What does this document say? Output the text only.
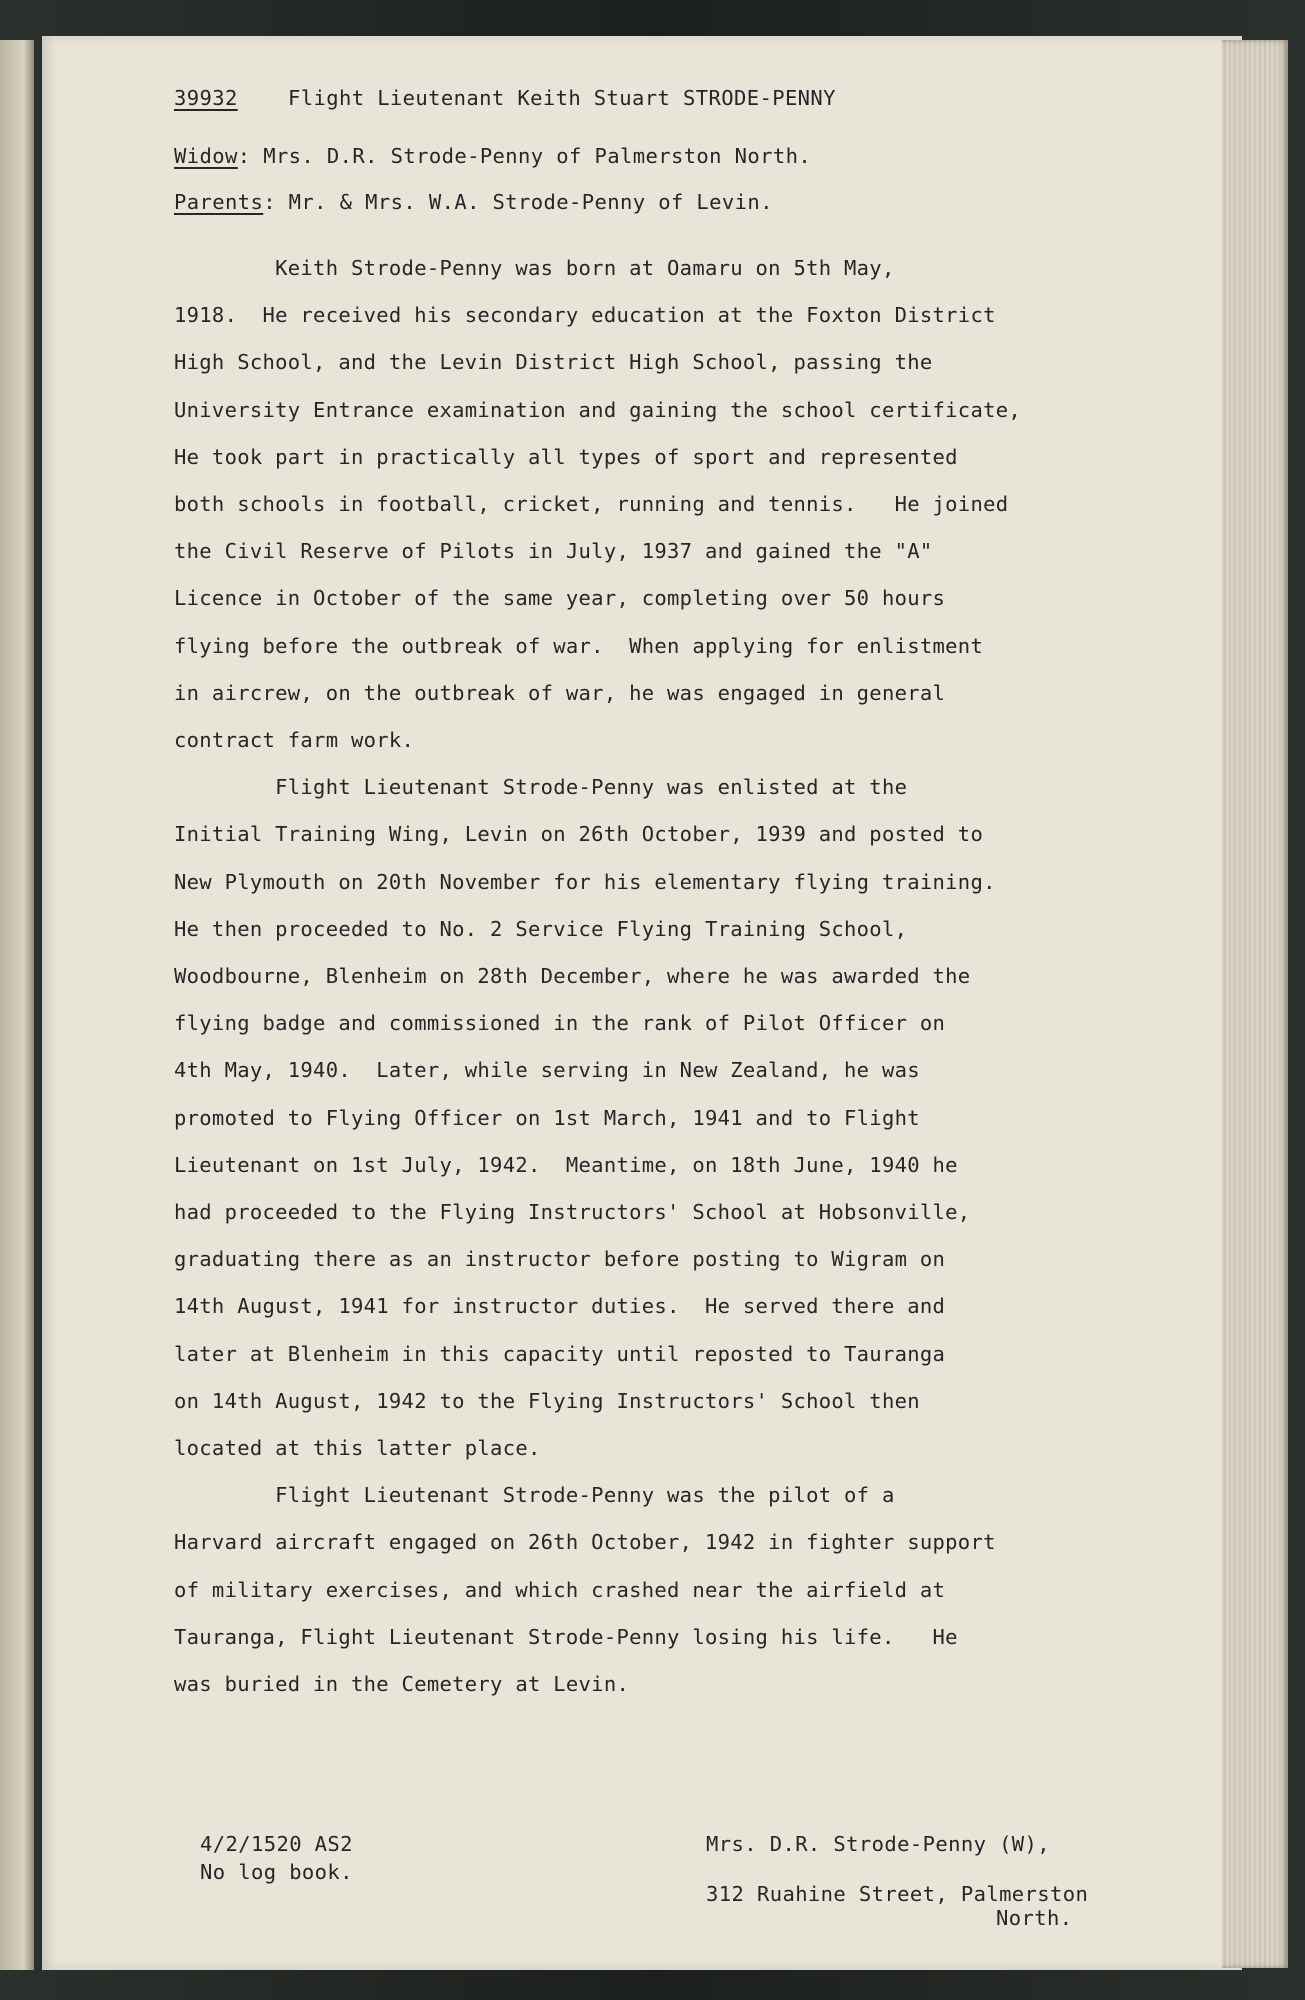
39932 Flight Lieutenant Keith Stuart STRODE-PENNY
Widow: Mrs. D.R. Strode-Penny of Palmerston North.
Parents: Mr. & Mrs. W.A. Strode-Penny of Levin.
Keith Strode-Penny was born at Oamaru on 5th May,
1918.  He received his secondary education at the Foxton District
High School, and the Levin District High School, passing the
University Entrance examination and gaining the school certificate,
He took part in practically all types of sport and represented
both schools in football, cricket, running and tennis.   He joined
the Civil Reserve of Pilots in July, 1937 and gained the "A"
Licence in October of the same year, completing over 50 hours
flying before the outbreak of war.  When applying for enlistment
in aircrew, on the outbreak of war, he was engaged in general
contract farm work.
Flight Lieutenant Strode-Penny was enlisted at the
Initial Training Wing, Levin on 26th October, 1939 and posted to
New Plymouth on 20th November for his elementary flying training.
He then proceeded to No. 2 Service Flying Training School,
Woodbourne, Blenheim on 28th December, where he was awarded the
flying badge and commissioned in the rank of Pilot Officer on
4th May, 1940.  Later, while serving in New Zealand, he was
promoted to Flying Officer on 1st March, 1941 and to Flight
Lieutenant on 1st July, 1942.  Meantime, on 18th June, 1940 he
had proceeded to the Flying Instructors' School at Hobsonville,
graduating there as an instructor before posting to Wigram on
14th August, 1941 for instructor duties.  He served there and
later at Blenheim in this capacity until reposted to Tauranga
on 14th August, 1942 to the Flying Instructors' School then
located at this latter place.
Flight Lieutenant Strode-Penny was the pilot of a
Harvard aircraft engaged on 26th October, 1942 in fighter support
of military exercises, and which crashed near the airfield at
Tauranga, Flight Lieutenant Strode-Penny losing his life.   He
was buried in the Cemetery at Levin.
4/2/1520 AS2
No log book.
Mrs. D.R. Strode-Penny (W),
312 Ruahine Street, Palmerston
North.
